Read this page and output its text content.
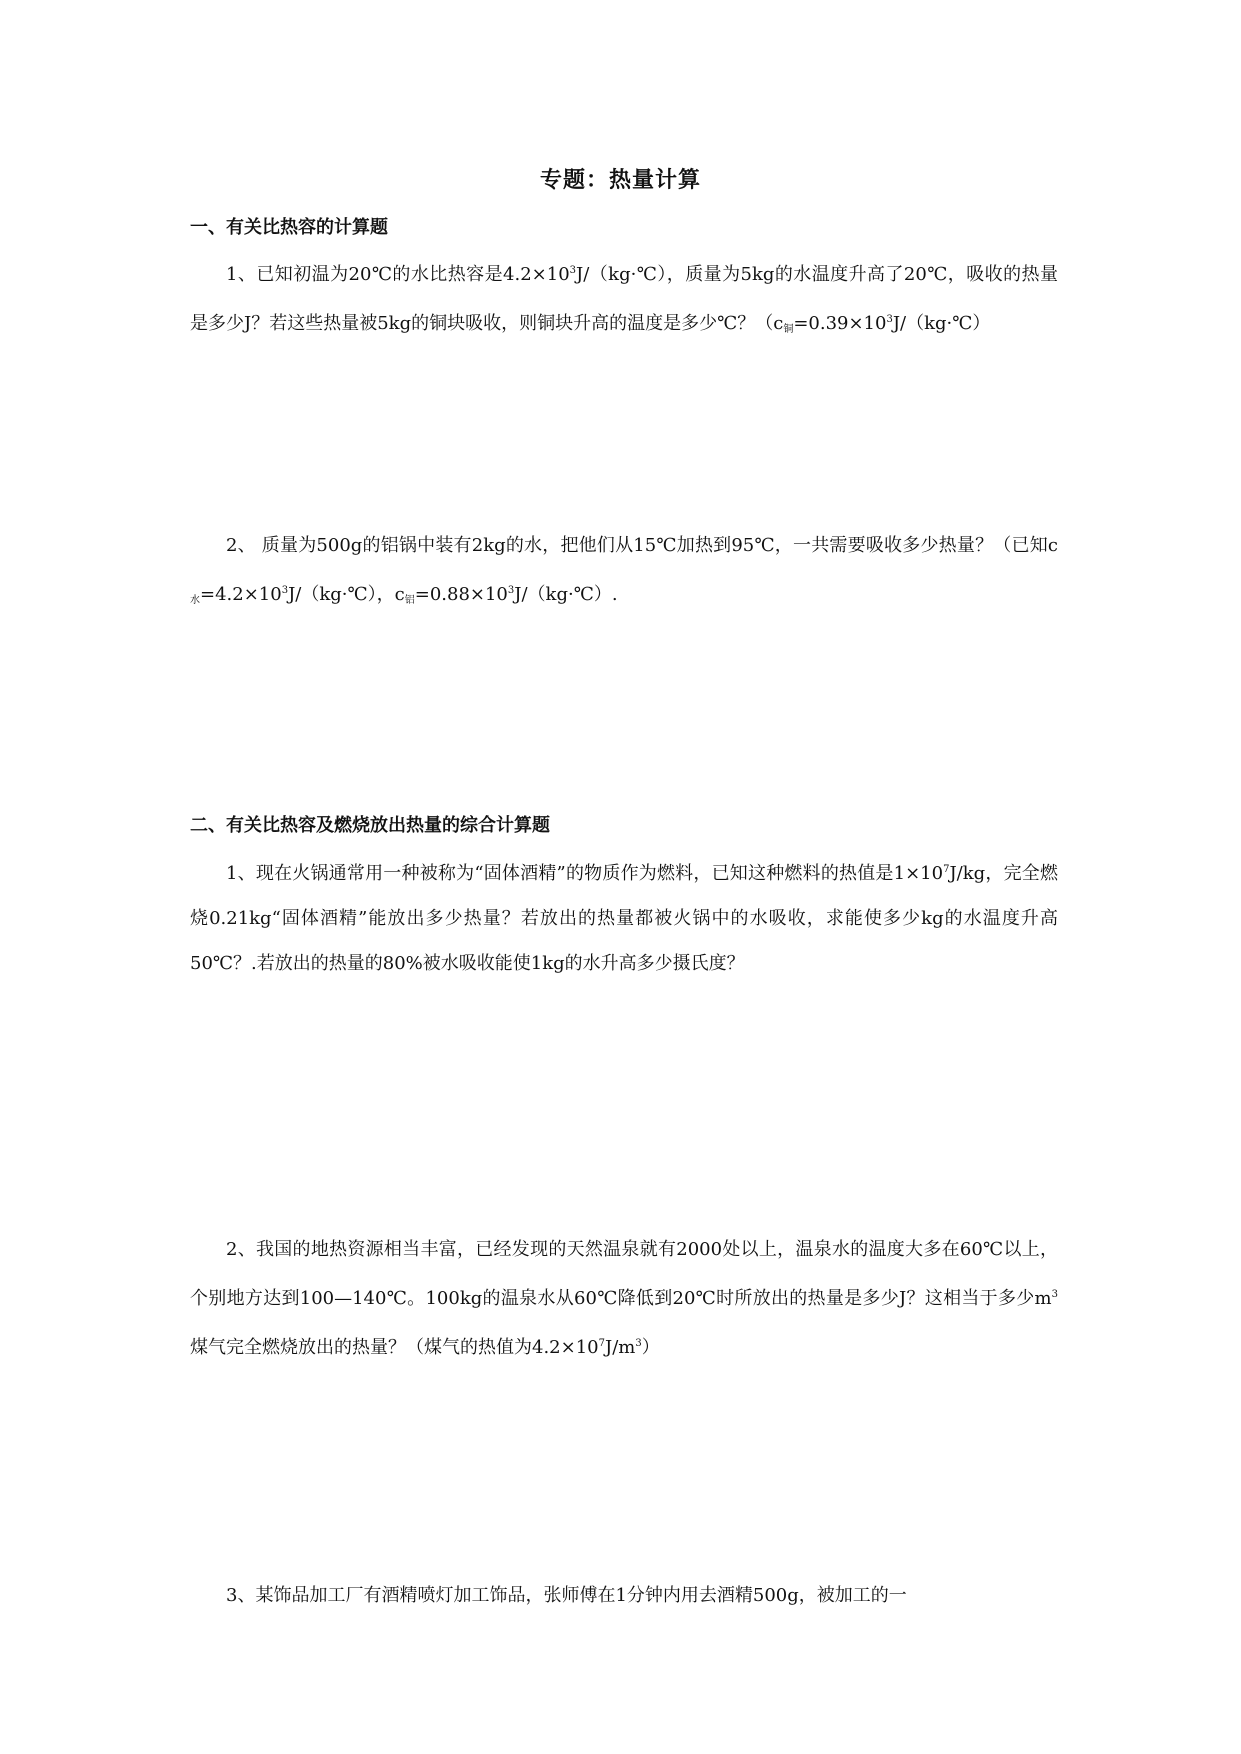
专题：热量计算
一、有关比热容的计算题
1、已知初温为20℃的水比热容是$4.2\times 10^3J/(kg\cdot℃)$，质量为5kg的水温度升高了20℃，吸收的热量是多少J？若这些热量被5kg的铜块吸收，则铜块升高的温度是多少℃？（$c_铜=0.39\times 10^3J/(kg\cdot℃)$
2、 质量为500g的铝锅中装有2kg的水，把他们从15℃加热到95℃，一共需要吸收多少热量？（已知$c_水=4.2\times 10^3J/(kg\cdot℃)$，$c_铝=0.88\times 10^3J/(kg\cdot℃)$.
二、有关比热容及燃烧放出热量的综合计算题
1、现在火锅通常用一种被称为“固体酒精”的物质作为燃料，已知这种燃料的热值是$1\times 10^7J/kg$，完全燃烧0.21kg“固体酒精”能放出多少热量？若放出的热量都被火锅中的水吸收，求能使多少kg的水温度升高50℃？.若放出的热量的80%被水吸收能使1kg的水升高多少摄氏度？
2、我国的地热资源相当丰富，已经发现的天然温泉就有2000处以上，温泉水的温度大多在60℃以上，个别地方达到100—140℃。100kg的温泉水从60℃降低到20℃时所放出的热量是多少J？这相当于多少$m^3$煤气完全燃烧放出的热量？（煤气的热值为$4.2\times 10^7J/m^3$）
3、某饰品加工厂有酒精喷灯加工饰品，张师傅在1分钟内用去酒精500g，被加工的一
